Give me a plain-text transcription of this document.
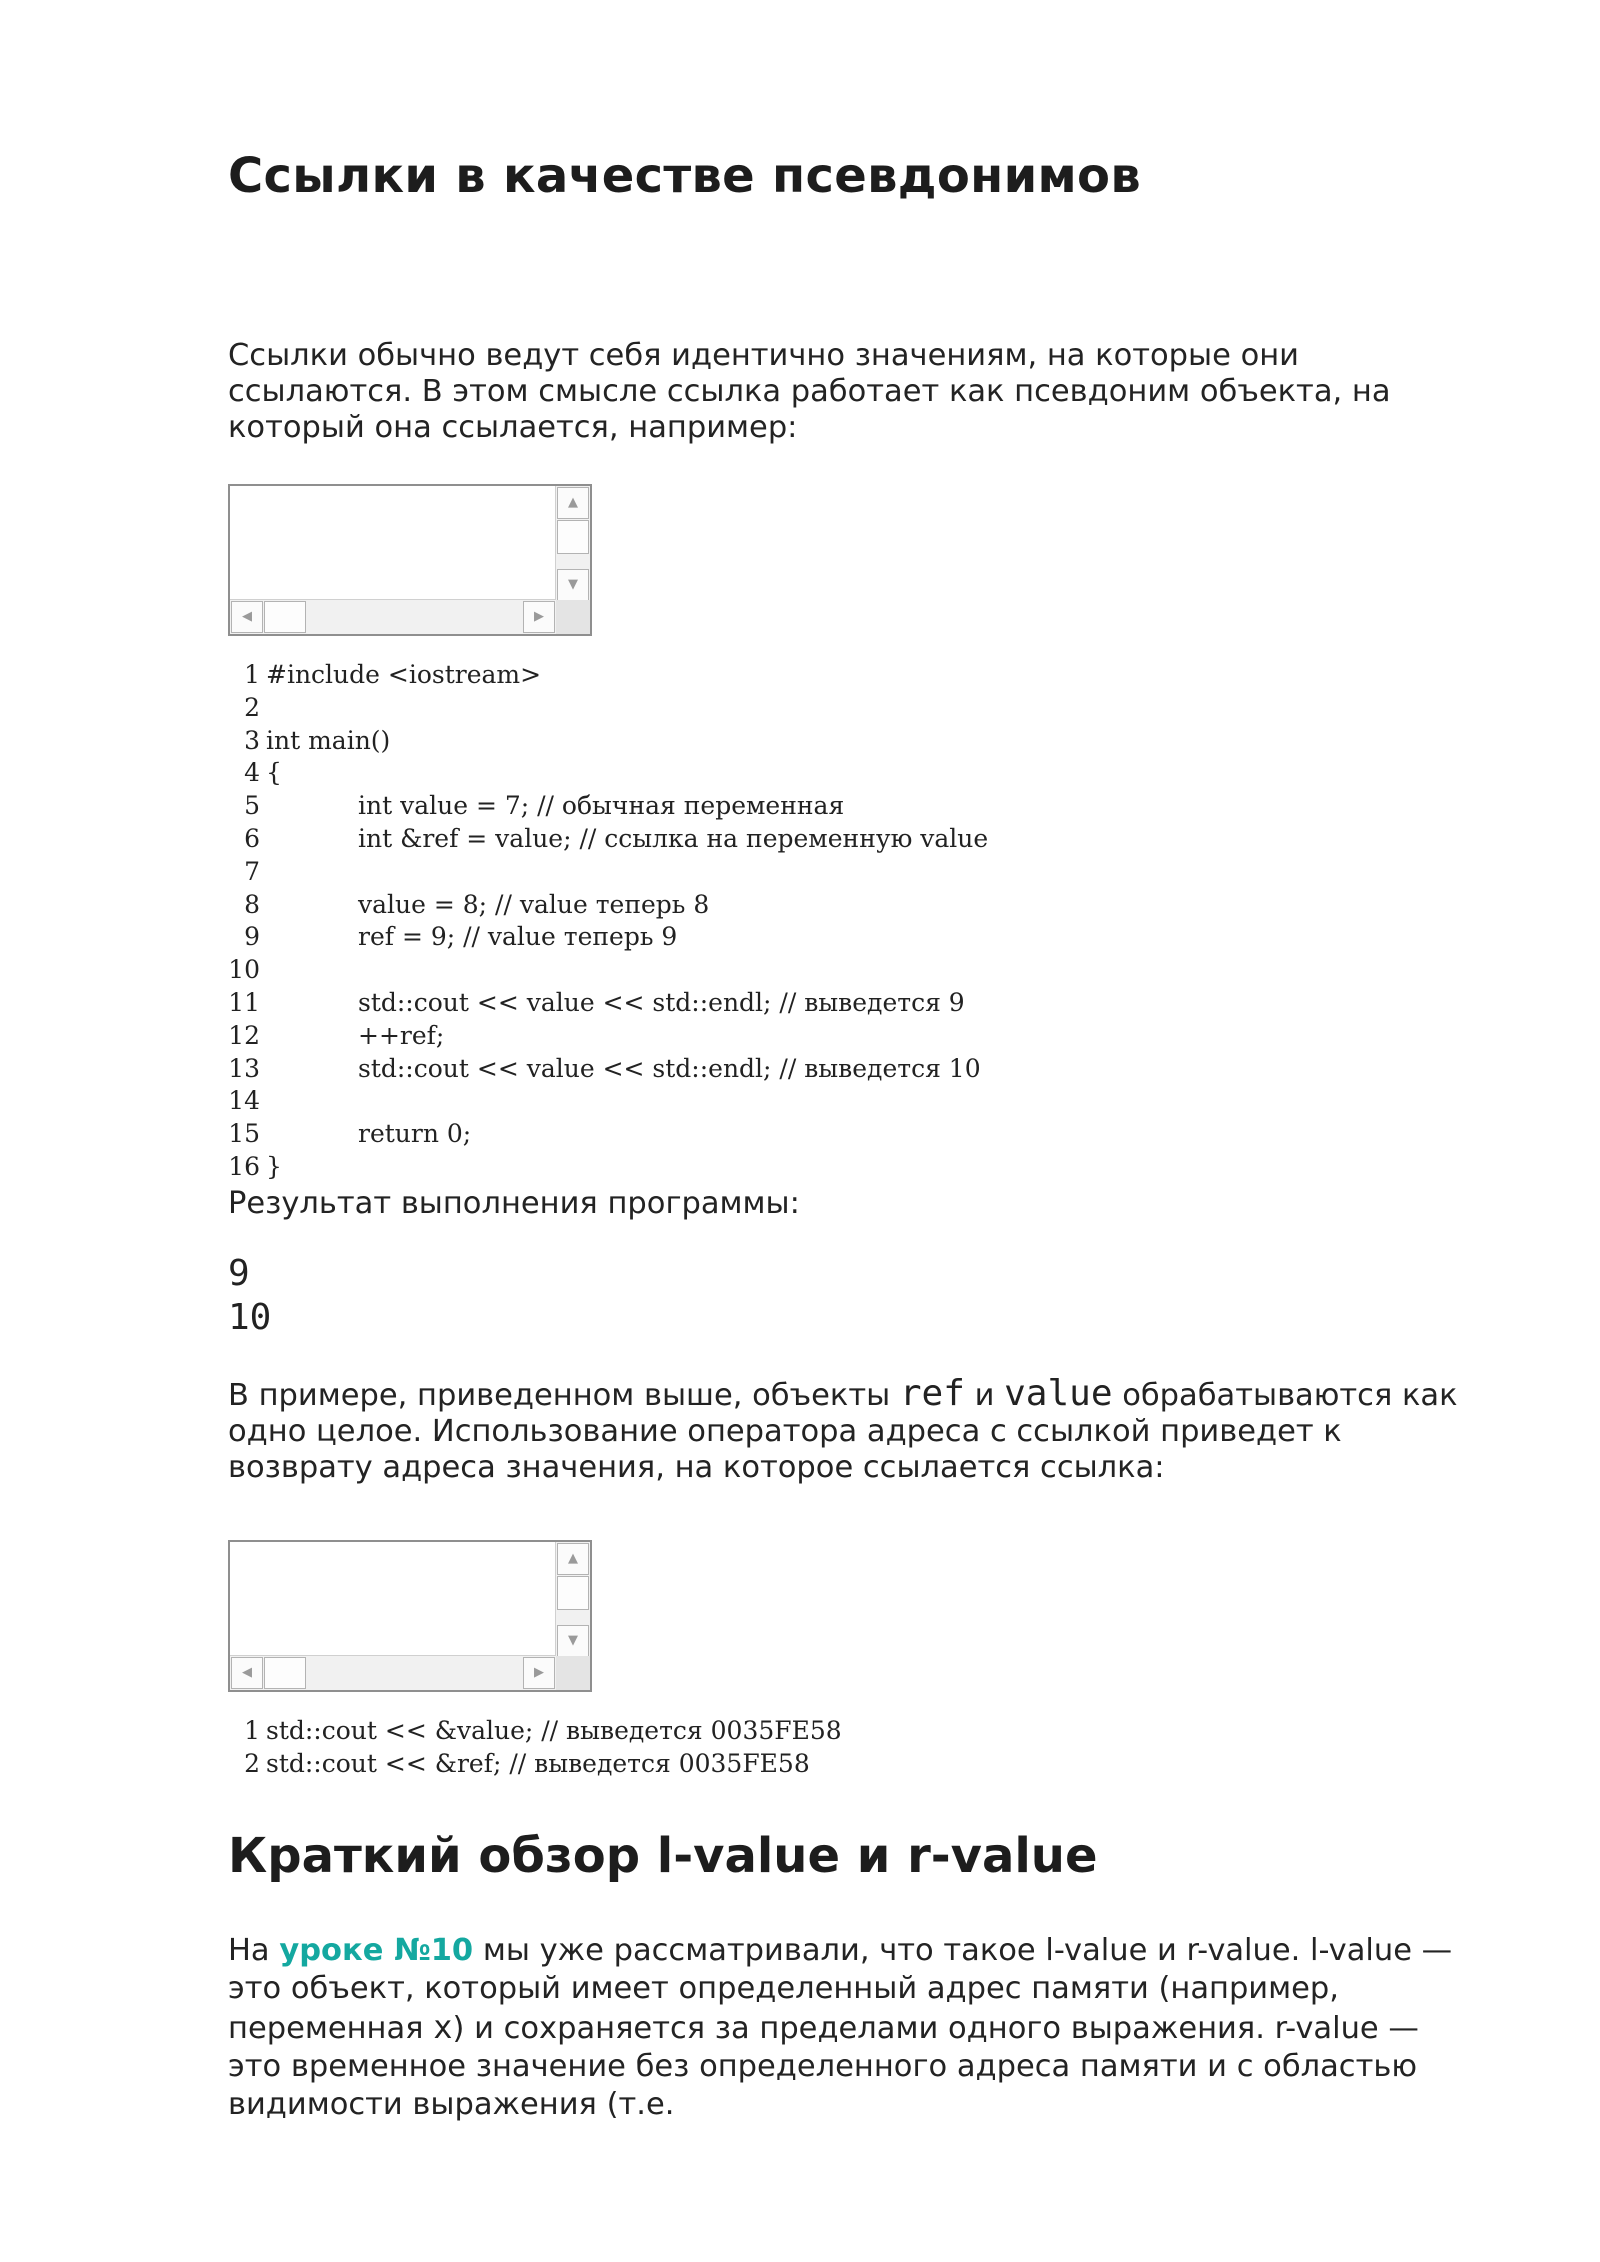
Ссылки в качестве псевдонимов

Ссылки обычно ведут себя идентично значениям, на которые они ссылаются. В этом смысле ссылка работает как псевдоним объекта, на который она ссылается, например:

▲
▼
◀	▶
1 #include <iostream>
2
3 int main()
4 {
5	int value = 7; // обычная переменная
6	int &ref = value; // ссылка на переменную value
7
8	value = 8; // value теперь 8
9	ref = 9; // value теперь 9
10
11	std::cout << value << std::endl; // выведется 9
12	++ref;
13	std::cout << value << std::endl; // выведется 10
14
15	return 0;
16 }

Результат выполнения программы:

9
10

В примере, приведенном выше, объекты ref и value обрабатываются как одно целое. Использование оператора адреса с ссылкой приведет к возврату адреса значения, на которое ссылается ссылка:

▲
▼
◀	▶
1 std::cout << &value; // выведется 0035FE58
2 std::cout << &ref; // выведется 0035FE58
Краткий обзор l-value и r-value

На уроке №10 мы уже рассматривали, что такое l-value и r-value. l-value — это объект, который имеет определенный адрес памяти (например, переменная x) и сохраняется за пределами одного выражения. r-value — это временное значение без определенного адреса памяти и с областью видимости выражения (т.е.
